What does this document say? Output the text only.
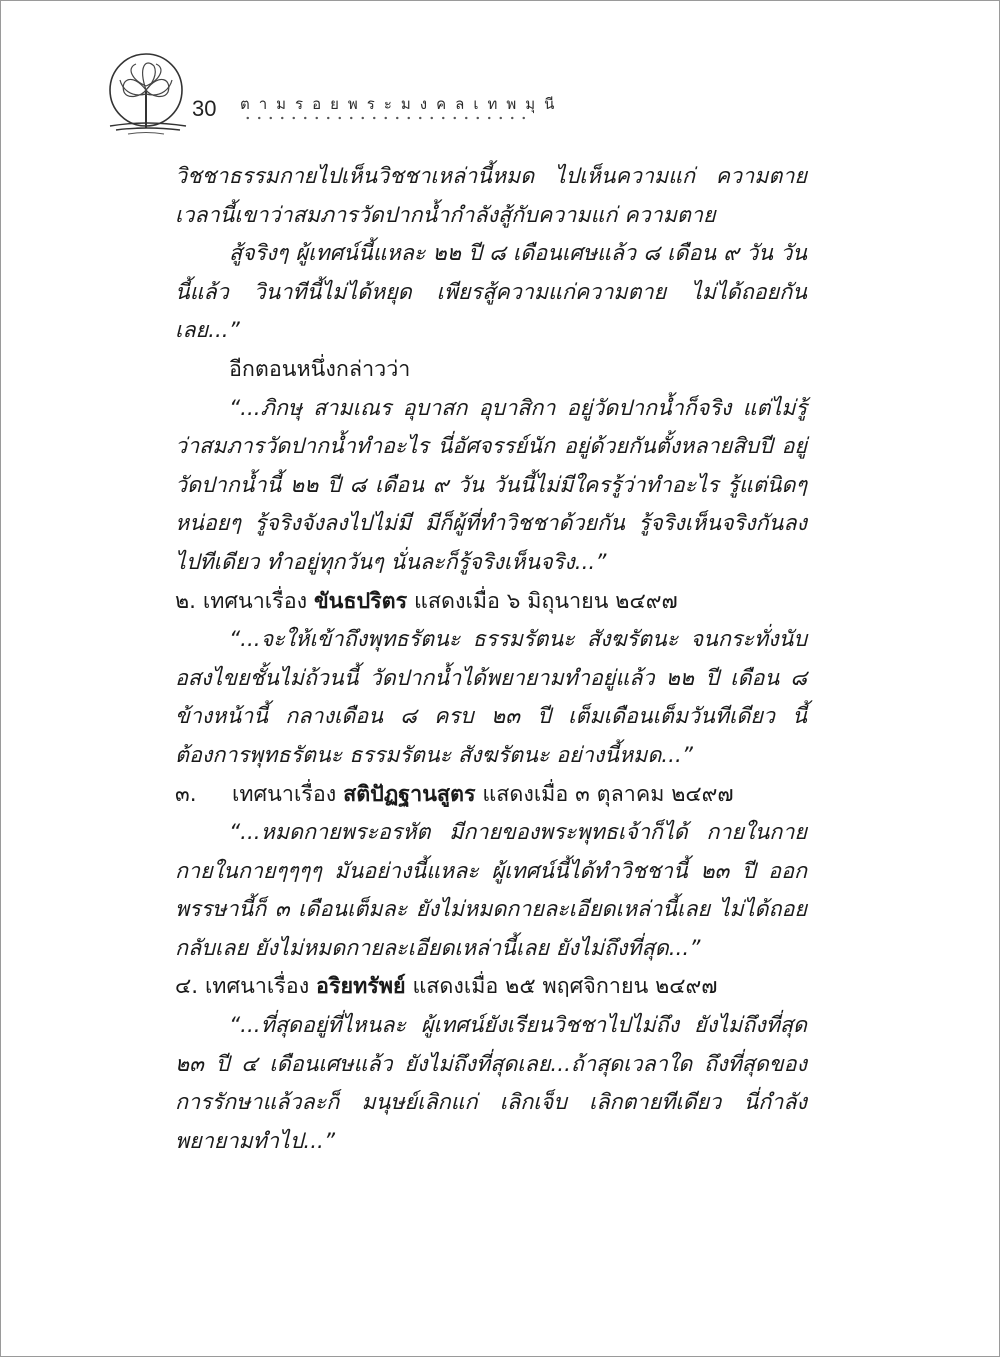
30 ตามรอยพระมงคลเทพมุนี

วิชชาธรรมกายไปเห็นวิชชาเหล่านี้หมด ไปเห็นความแก่ ความตาย เวลานี้เขาว่าสมภารวัดปากน้ำกำลังสู้กับความแก่ ความตาย

สู้จริงๆ ผู้เทศน์นี้แหละ ๒๒ ปี ๘ เดือนเศษแล้ว ๘ เดือน ๙ วัน วันนี้แล้ว วินาทีนี้ไม่ได้หยุด เพียรสู้ความแก่ความตาย ไม่ได้ถอยกันเลย...”

อีกตอนหนึ่งกล่าวว่า

“...ภิกษุ สามเณร อุบาสก อุบาสิกา อยู่วัดปากน้ำก็จริง แต่ไม่รู้ว่าสมภารวัดปากน้ำทำอะไร นี่อัศจรรย์นัก อยู่ด้วยกันตั้งหลายสิบปี อยู่วัดปากน้ำนี้ ๒๒ ปี ๘ เดือน ๙ วัน วันนี้ไม่มีใครรู้ว่าทำอะไร รู้แต่นิดๆ หน่อยๆ รู้จริงจังลงไปไม่มี มีก็ผู้ที่ทำวิชชาด้วยกัน รู้จริงเห็นจริงกันลงไปทีเดียว ทำอยู่ทุกวันๆ นั่นละก็รู้จริงเห็นจริง...”

๒. เทศนาเรื่อง ขันธปริตร แสดงเมื่อ ๖ มิถุนายน ๒๔๙๗

“...จะให้เข้าถึงพุทธรัตนะ ธรรมรัตนะ สังฆรัตนะ จนกระทั่งนับอสงไขยชั้นไม่ถ้วนนี้ วัดปากน้ำได้พยายามทำอยู่แล้ว ๒๒ ปี เดือน ๘ ข้างหน้านี้ กลางเดือน ๘ ครบ ๒๓ ปี เต็มเดือนเต็มวันทีเดียว นี้ต้องการพุทธรัตนะ ธรรมรัตนะ สังฆรัตนะ อย่างนี้หมด...”

๓. เทศนาเรื่อง สติปัฏฐานสูตร แสดงเมื่อ ๓ ตุลาคม ๒๔๙๗

“...หมดกายพระอรหัต มีกายของพระพุทธเจ้าก็ได้ กายในกาย กายในกายๆๆๆๆ มันอย่างนี้แหละ ผู้เทศน์นี้ได้ทำวิชชานี้ ๒๓ ปี ออกพรรษานี้ก็ ๓ เดือนเต็มละ ยังไม่หมดกายละเอียดเหล่านี้เลย ไม่ได้ถอยกลับเลย ยังไม่หมดกายละเอียดเหล่านี้เลย ยังไม่ถึงที่สุด...”

๔. เทศนาเรื่อง อริยทรัพย์ แสดงเมื่อ ๒๕ พฤศจิกายน ๒๔๙๗

“...ที่สุดอยู่ที่ไหนละ ผู้เทศน์ยังเรียนวิชชาไปไม่ถึง ยังไม่ถึงที่สุด ๒๓ ปี ๔ เดือนเศษแล้ว ยังไม่ถึงที่สุดเลย...ถ้าสุดเวลาใด ถึงที่สุดของการรักษาแล้วละก็ มนุษย์เลิกแก่ เลิกเจ็บ เลิกตายทีเดียว นี่กำลังพยายามทำไป...”
